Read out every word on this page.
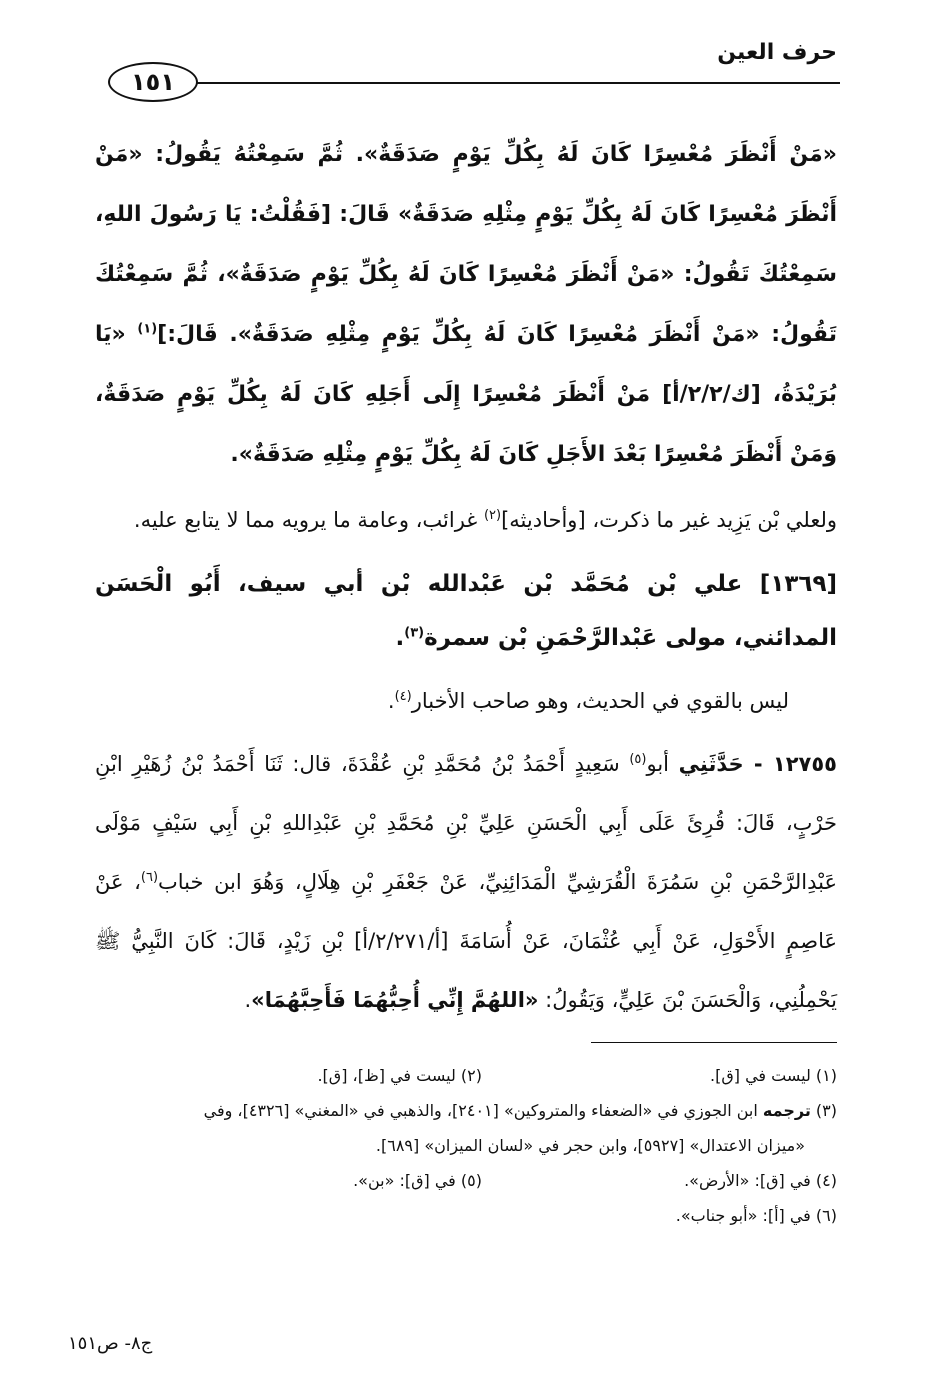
حرف العين
١٥١

«مَنْ أَنْظَرَ مُعْسِرًا كَانَ لَهُ بِكُلِّ يَوْمٍ صَدَقَةٌ». ثُمَّ سَمِعْتُهُ يَقُولُ: «مَنْ أَنْظَرَ مُعْسِرًا كَانَ لَهُ بِكُلِّ يَوْمٍ مِثْلِهِ صَدَقَةٌ» قَالَ: [فَقُلْتُ: يَا رَسُولَ اللهِ، سَمِعْتُكَ تَقُولُ: «مَنْ أَنْظَرَ مُعْسِرًا كَانَ لَهُ بِكُلِّ يَوْمٍ صَدَقَةٌ»، ثُمَّ سَمِعْتُكَ تَقُولُ: «مَنْ أَنْظَرَ مُعْسِرًا كَانَ لَهُ بِكُلِّ يَوْمٍ مِثْلِهِ صَدَقَةٌ». قَالَ:]$^{(١)}$ «يَا بُرَيْدَةُ، [ك/٢/٢/أ] مَنْ أَنْظَرَ مُعْسِرًا إِلَى أَجَلِهِ كَانَ لَهُ بِكُلِّ يَوْمٍ صَدَقَةٌ، وَمَنْ أَنْظَرَ مُعْسِرًا بَعْدَ الأَجَلِ كَانَ لَهُ بِكُلِّ يَوْمٍ مِثْلِهِ صَدَقَةٌ».

ولعلي بْن يَزِيد غير ما ذكرت، [وأحاديثه]$^{(٢)}$ غرائب، وعامة ما يرويه مما لا يتابع عليه.

[١٣٦٩] علي بْن مُحَمَّد بْن عَبْدالله بْن أبي سيف، أَبُو الْحَسَن المدائني، مولى عَبْدالرَّحْمَنِ بْن سمرة$^{(٣)}$.

ليس بالقوي في الحديث، وهو صاحب الأخبار$^{(٤)}$.

١٢٧٥٥ - حَدَّثَنِي أبو$^{(٥)}$ سَعِيدٍ أَحْمَدُ بْنُ مُحَمَّدِ بْنِ عُقْدَةَ، قال: ثَنَا أَحْمَدُ بْنُ زُهَيْرِ ابْنِ حَرْبٍ، قَالَ: قُرِئَ عَلَى أَبِي الْحَسَنِ عَلِيِّ بْنِ مُحَمَّدِ بْنِ عَبْدِاللهِ بْنِ أَبِي سَيْفٍ مَوْلَى عَبْدِالرَّحْمَنِ بْنِ سَمُرَةَ الْقُرَشِيِّ الْمَدَائِنِيِّ، عَنْ جَعْفَرِ بْنِ هِلَالٍ، وَهُوَ ابن خباب$^{(٦)}$، عَنْ عَاصِمٍ الأَحْوَلِ، عَنْ أَبِي عُثْمَانَ، عَنْ أُسَامَةَ [أ/٢/٢٧١/أ] بْنِ زَيْدٍ، قَالَ: كَانَ النَّبِيُّ ﷺ يَحْمِلُنِي، وَالْحَسَنَ بْنَ عَلِيٍّ، وَيَقُولُ: «اللهُمَّ إِنِّي أُحِبُّهُمَا فَأَحِبَّهُمَا».

(١) ليست في [ق].
(٢) ليست في [ظ]، [ق].
(٣) ترجمه ابن الجوزي في «الضعفاء والمتروكين» [٢٤٠١]، والذهبي في «المغني» [٤٣٢٦]، وفي
«ميزان الاعتدال» [٥٩٢٧]، وابن حجر في «لسان الميزان» [٦٨٩].
(٤) في [ق]: «الأرض».
(٥) في [ق]: «بن».
(٦) في [أ]: «أبو جناب».
ج٨- ص١٥١
